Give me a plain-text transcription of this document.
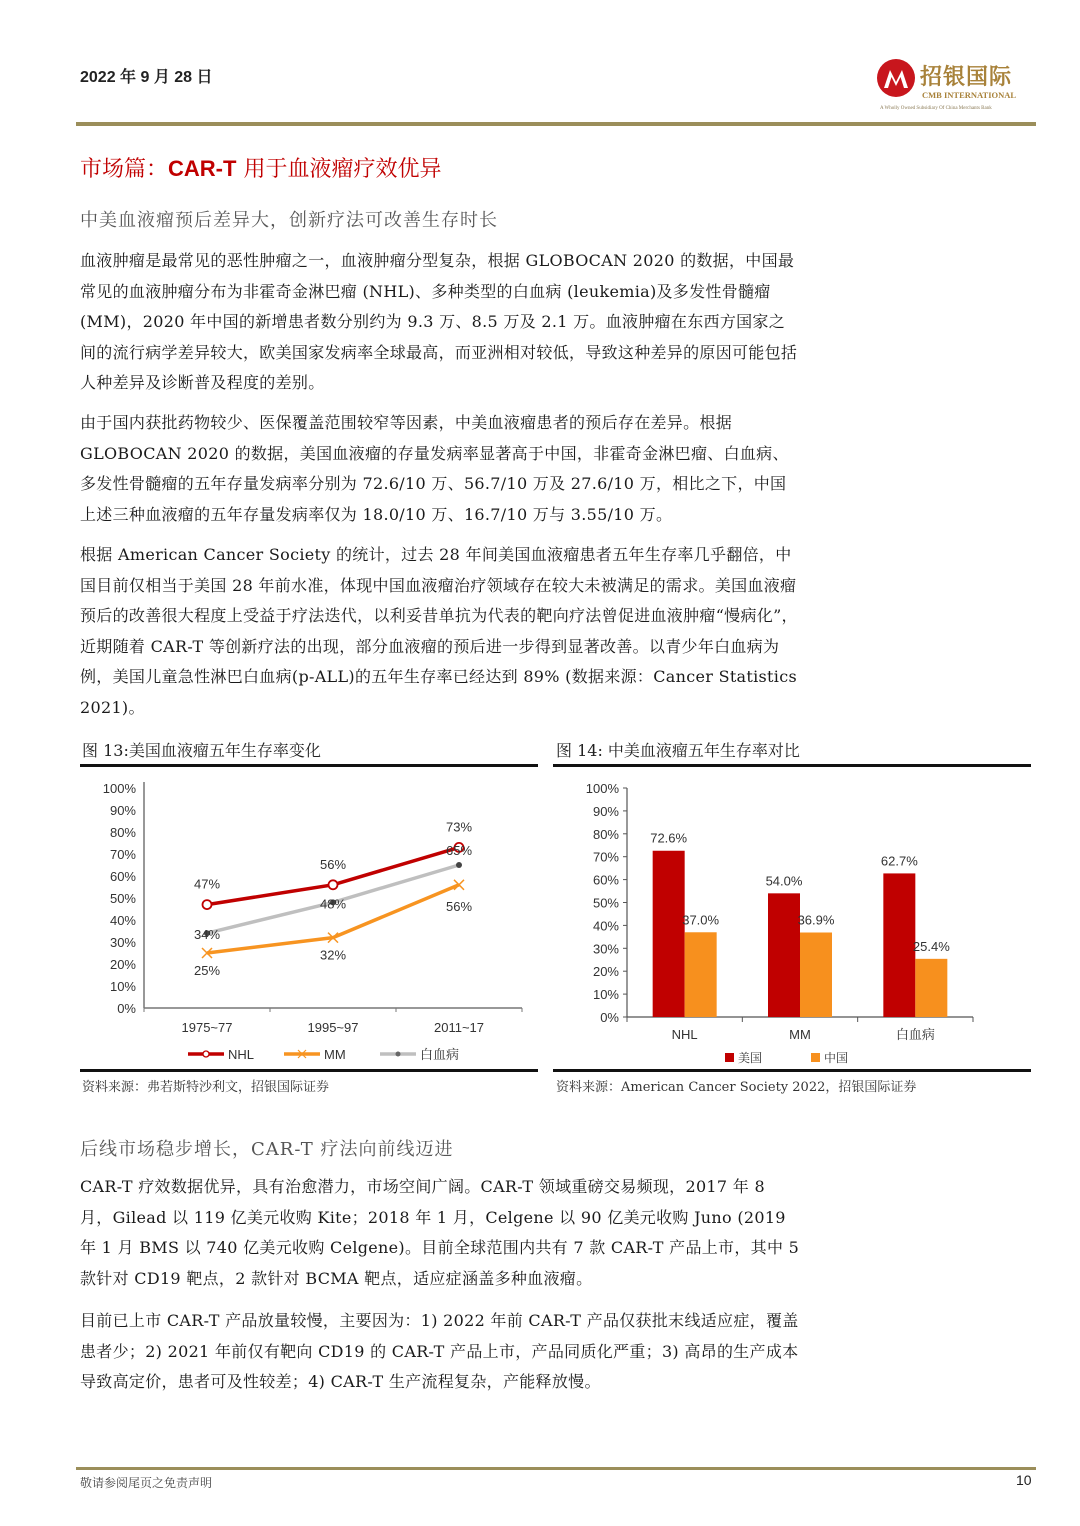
2022 年 9 月 28 日	招银国际
CMB INTERNATIONAL
A Wholly Owned Subsidiary Of China Merchants Bank
市场篇：CAR-T 用于血液瘤疗效优异
中美血液瘤预后差异大，创新疗法可改善生存时长
血液肿瘤是最常见的恶性肿瘤之一，血液肿瘤分型复杂，根据 GLOBOCAN 2020 的数据，中国最常见的血液肿瘤分布为非霍奇金淋巴瘤 (NHL)、多种类型的白血病 (leukemia)及多发性骨髓瘤 (MM)，2020 年中国的新增患者数分别约为 9.3 万、8.5 万及 2.1 万。血液肿瘤在东西方国家之间的流行病学差异较大，欧美国家发病率全球最高，而亚洲相对较低，导致这种差异的原因可能包括人种差异及诊断普及程度的差别。
由于国内获批药物较少、医保覆盖范围较窄等因素，中美血液瘤患者的预后存在差异。根据 GLOBOCAN 2020 的数据，美国血液瘤的存量发病率显著高于中国，非霍奇金淋巴瘤、白血病、多发性骨髓瘤的五年存量发病率分别为 72.6/10 万、56.7/10 万及 27.6/10 万，相比之下，中国上述三种血液瘤的五年存量发病率仅为 18.0/10 万、16.7/10 万与 3.55/10 万。
根据 American Cancer Society 的统计，过去 28 年间美国血液瘤患者五年生存率几乎翻倍，中国目前仅相当于美国 28 年前水准，体现中国血液瘤治疗领域存在较大未被满足的需求。美国血液瘤预后的改善很大程度上受益于疗法迭代，以利妥昔单抗为代表的靶向疗法曾促进血液肿瘤“慢病化”，近期随着 CAR-T 等创新疗法的出现，部分血液瘤的预后进一步得到显著改善。以青少年白血病为例，美国儿童急性淋巴白血病(p-ALL)的五年生存率已经达到 89% (数据来源：Cancer Statistics 2021)。
图 13:美国血液瘤五年生存率变化
0%
10%
20%
30%
40%
50%
60%
70%
80%
90%
100%
1975~77	1995~97	2011~17
47%
56%
73%
25%
32%
56%
34%
48%
65%
NHL	MM	白血病
资料来源：弗若斯特沙利文，招银国际证券
图 14: 中美血液瘤五年生存率对比
0%
10%
20%
30%
40%
50%
60%
70%
80%
90%
100%
NHL	MM	白血病
72.6%
54.0%
62.7%
37.0%	36.9%
25.4%
美国	中国
资料来源：American Cancer Society 2022，招银国际证券
后线市场稳步增长，CAR-T 疗法向前线迈进
CAR-T 疗效数据优异，具有治愈潜力，市场空间广阔。CAR-T 领域重磅交易频现，2017 年 8 月，Gilead 以 119 亿美元收购 Kite；2018 年 1 月，Celgene 以 90 亿美元收购 Juno (2019 年 1 月 BMS 以 740 亿美元收购 Celgene)。目前全球范围内共有 7 款 CAR-T 产品上市，其中 5 款针对 CD19 靶点，2 款针对 BCMA 靶点，适应症涵盖多种血液瘤。
目前已上市 CAR-T 产品放量较慢，主要因为：1) 2022 年前 CAR-T 产品仅获批末线适应症，覆盖患者少；2) 2021 年前仅有靶向 CD19 的 CAR-T 产品上市，产品同质化严重；3) 高昂的生产成本导致高定价，患者可及性较差；4) CAR-T 生产流程复杂，产能释放慢。
敬请参阅尾页之免责声明	10
